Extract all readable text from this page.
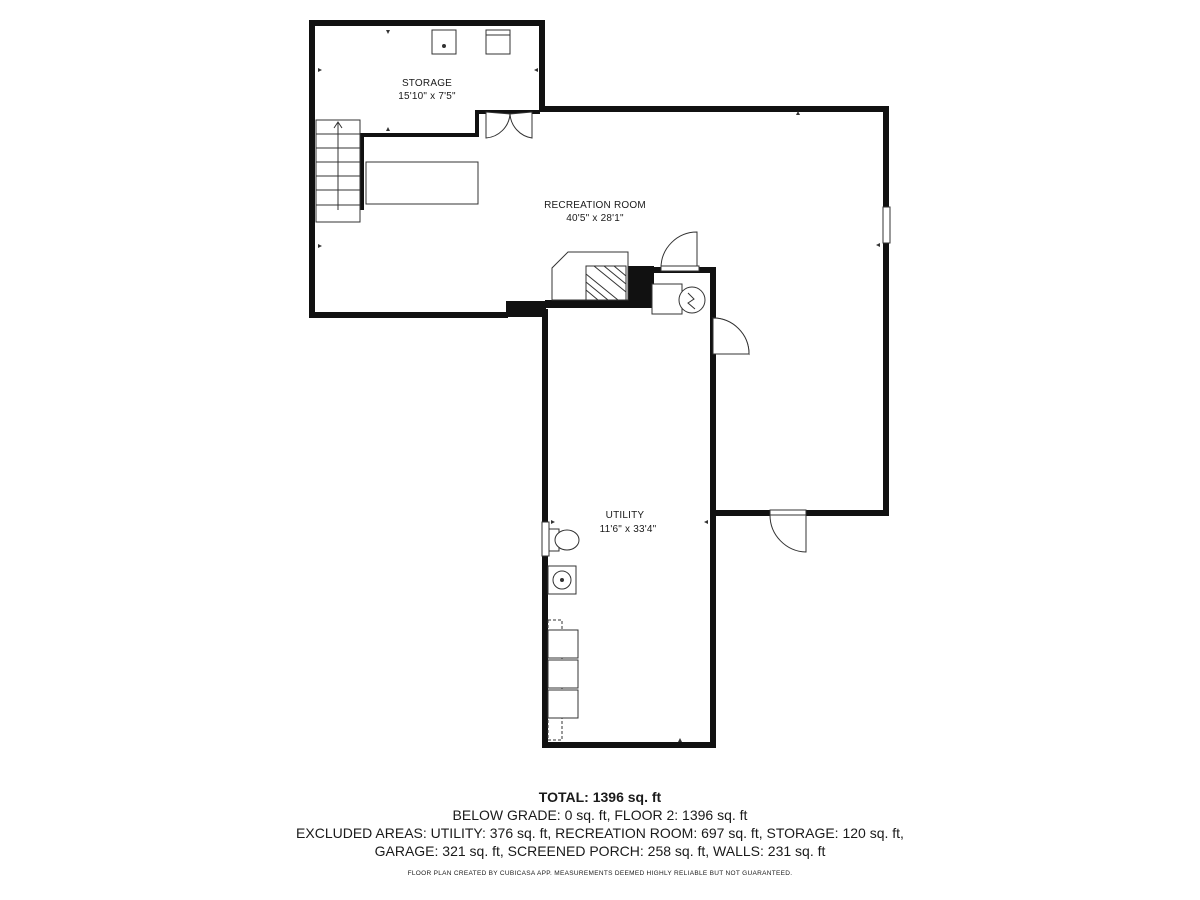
STORAGE
15'10" x 7'5"
RECREATION ROOM
40'5" x 28'1"
UTILITY
11'6" x 33'4"
TOTAL: 1396 sq. ft
BELOW GRADE: 0 sq. ft, FLOOR 2: 1396 sq. ft
EXCLUDED AREAS: UTILITY: 376 sq. ft, RECREATION ROOM: 697 sq. ft, STORAGE: 120 sq. ft,
GARAGE: 321 sq. ft, SCREENED PORCH: 258 sq. ft, WALLS: 231 sq. ft
FLOOR PLAN CREATED BY CUBICASA APP. MEASUREMENTS DEEMED HIGHLY RELIABLE BUT NOT GUARANTEED.
